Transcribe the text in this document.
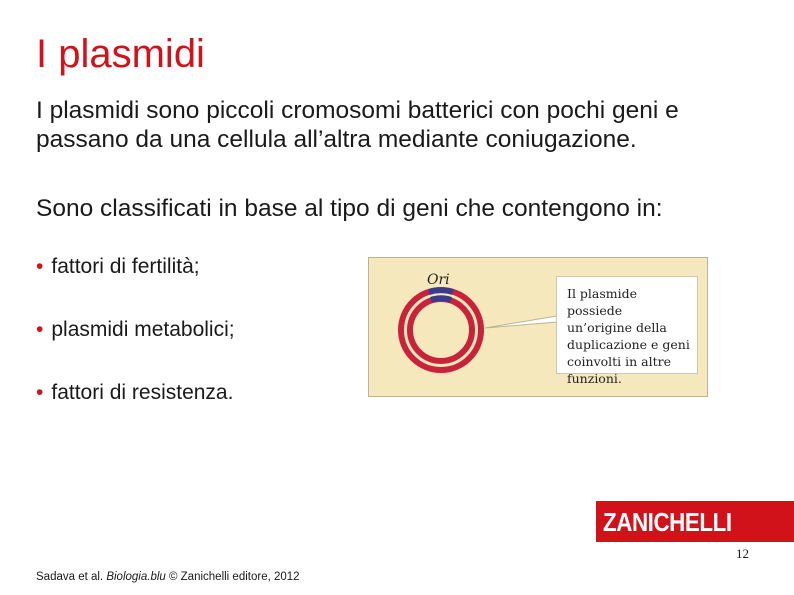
I plasmidi
I plasmidi sono piccoli cromosomi batterici con pochi geni e passano da una cellula all’altra mediante coniugazione.
Sono classificati in base al tipo di geni che contengono in:
• fattori di fertilità;
• plasmidi metabolici;
• fattori di resistenza.
Ori
Il plasmide possiede
un’origine della
duplicazione e geni
coinvolti in altre
funzioni.
ZANICHELLI
12
Sadava et al. Biologia.blu © Zanichelli editore, 2012
